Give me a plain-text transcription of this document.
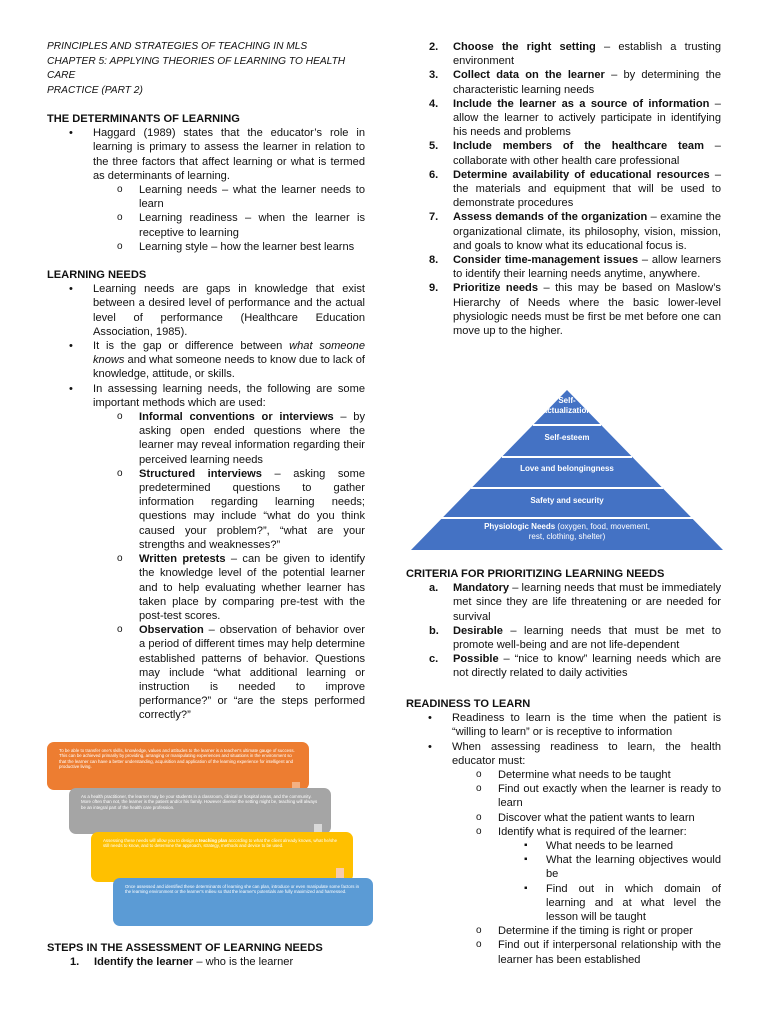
PRINCIPLES AND STRATEGIES OF TEACHING IN MLS
CHAPTER 5: APPLYING THEORIES OF LEARNING TO HEALTH CARE
PRACTICE (PART 2)
THE DETERMINANTS OF LEARNING
• Haggard (1989) states that the educator’s role in learning is primary to assess the learner in relation to the three factors that affect learning or what is termed as determinants of learning.
o Learning needs – what the learner needs to learn
o Learning readiness – when the learner is receptive to learning
o Learning style – how the learner best learns
LEARNING NEEDS
• Learning needs are gaps in knowledge that exist between a desired level of performance and the actual level of performance (Healthcare Education Association, 1985).
• It is the gap or difference between what someone knows and what someone needs to know due to lack of knowledge, attitude, or skills.
• In assessing learning needs, the following are some important methods which are used:
o Informal conventions or interviews – by asking open ended questions where the learner may reveal information regarding their perceived learning needs
o Structured interviews – asking some predetermined questions to gather information regarding learning needs; questions may include “what do you think caused your problem?”, “what are your strengths and weaknesses?”
o Written pretests – can be given to identify the knowledge level of the potential learner and to help evaluating whether learner has taken place by comparing pre-test with the post-test scores.
o Observation – observation of behavior over a period of different times may help determine established patterns of behavior. Questions may include “what additional learning or instruction is needed to improve performance?” or “are the steps performed correctly?”
To be able to transfer one's skills, knowledge, values and attitudes to the learner is a teacher's ultimate gauge of success. This can be achieved primarily by providing, arranging or manipulating experiences and situations in the environment so that the learner can have a better understanding, acquisition and application of the learning experience for intelligent and productive living.
As a health practitioner, the learner may be your students in a classroom, clinical or hospital areas, and the community. More often than not, the learner is the patient and/or his family. However diverse the setting might be, teaching will always be an integral part of the health care profession.
Assessing these needs will allow you to design a teaching plan according to what the client already knows, what he/she still needs to know, and to determine the approach, strategy, methods and device to be used.
Once assessed and identified these determinants of learning she can plan, introduce or even manipulate some factors in the learning environment or the learner's milieu so that the learner's potentials are fully maximized and harnessed.
STEPS IN THE ASSESSMENT OF LEARNING NEEDS
1. Identify the learner – who is the learner
2. Choose the right setting – establish a trusting environment
3. Collect data on the learner – by determining the characteristic learning needs
4. Include the learner as a source of information – allow the learner to actively participate in identifying his needs and problems
5. Include members of the healthcare team – collaborate with other health care professional
6. Determine availability of educational resources – the materials and equipment that will be used to demonstrate procedures
7. Assess demands of the organization – examine the organizational climate, its philosophy, vision, mission, and goals to know what its educational focus is.
8. Consider time-management issues – allow learners to identify their learning needs anytime, anywhere.
9. Prioritize needs – this may be based on Maslow’s Hierarchy of Needs where the basic lower-level physiologic needs must be first be met before one can move up to the higher.
Self-
actualization
Self-esteem
Love and belongingness
Safety and security
Physiologic Needs (oxygen, food, movement,
rest, clothing, shelter)
CRITERIA FOR PRIORITIZING LEARNING NEEDS
a. Mandatory – learning needs that must be immediately met since they are life threatening or are needed for survival
b. Desirable – learning needs that must be met to promote well-being and are not life-dependent
c. Possible – “nice to know” learning needs which are not directly related to daily activities
READINESS TO LEARN
• Readiness to learn is the time when the patient is “willing to learn” or is receptive to information
• When assessing readiness to learn, the health educator must:
o Determine what needs to be taught
o Find out exactly when the learner is ready to learn
o Discover what the patient wants to learn
o Identify what is required of the learner:
▪ What needs to be learned
▪ What the learning objectives would be
▪ Find out in which domain of learning and at what level the lesson will be taught
o Determine if the timing is right or proper
o Find out if interpersonal relationship with the learner has been established
